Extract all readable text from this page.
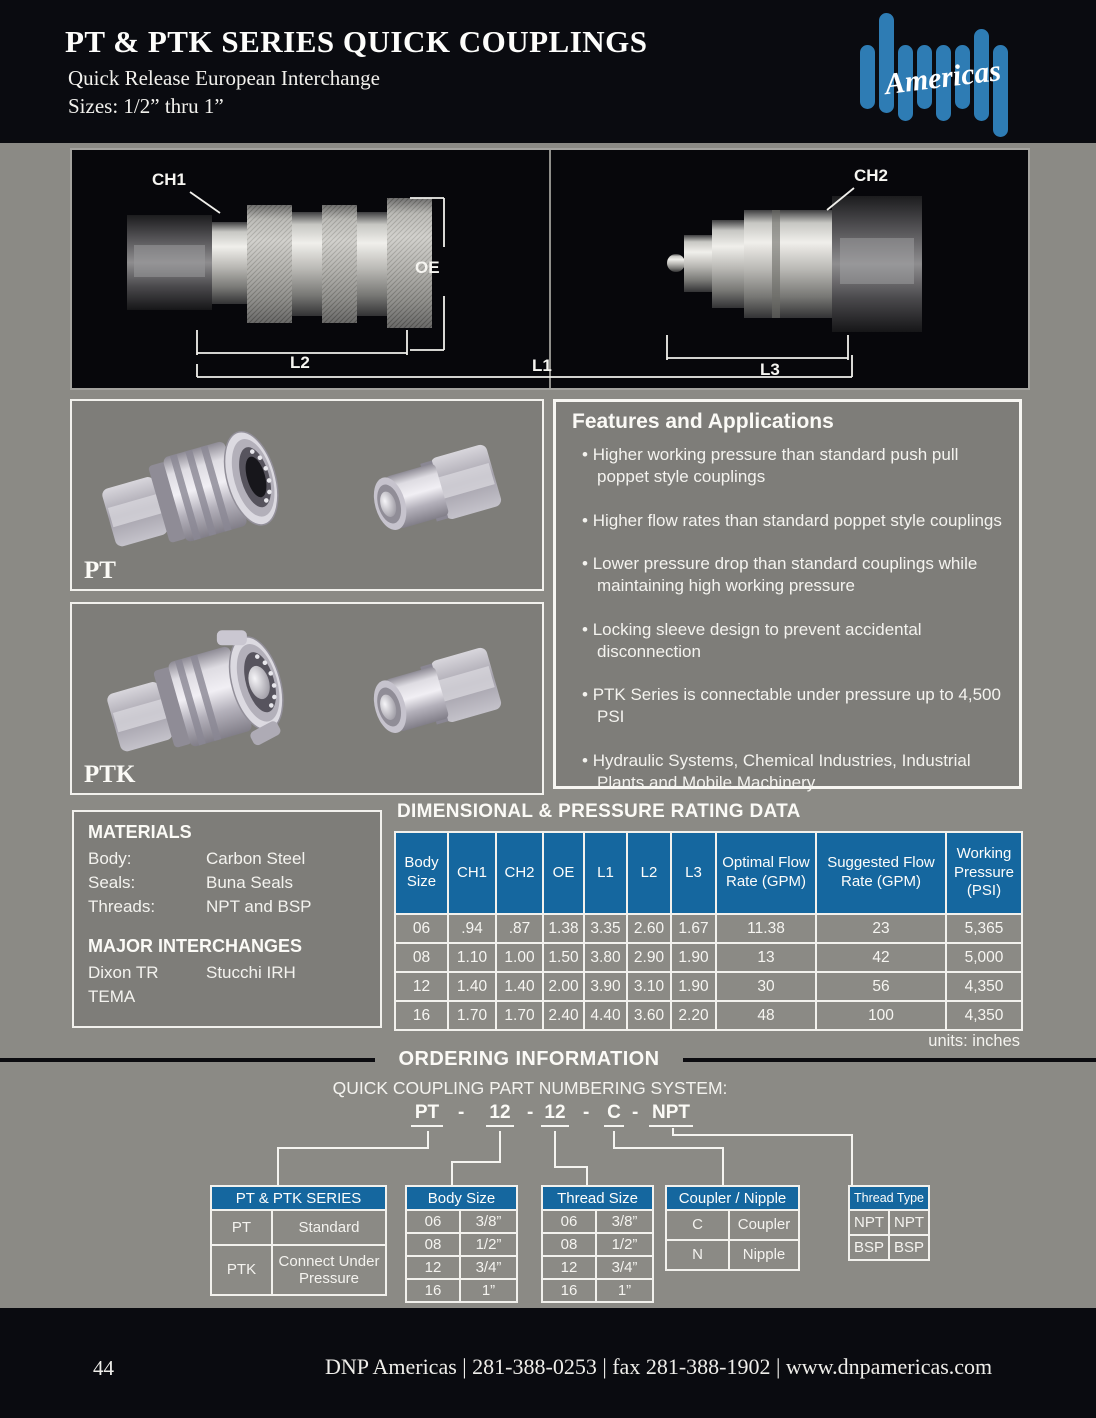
PT & PTK SERIES QUICK COUPLINGS
Quick Release European Interchange
Sizes: 1/2” thru 1”
Americas
CH1
OE
L2	L1
CH2
L3
PT
PTK
Features and Applications
• Higher working pressure than standard push pull poppet style couplings
• Higher flow rates than standard poppet style couplings
• Lower pressure drop than standard couplings while maintaining high working pressure
• Locking sleeve design to prevent accidental disconnection
• PTK Series is connectable under pressure up to 4,500 PSI
• Hydraulic Systems, Chemical Industries, Industrial Plants and Mobile Machinery
MATERIALS
Body:	Carbon Steel
Seals:	Buna Seals
Threads:	NPT and BSP
MAJOR INTERCHANGES
Dixon TR	Stucchi IRH
TEMA
DIMENSIONAL & PRESSURE RATING DATA
Body Size	CH1	CH2	OE	L1	L2	L3	Optimal Flow Rate (GPM)	Suggested Flow Rate (GPM)	Working Pressure (PSI)
06	.94	.87	1.38	3.35	2.60	1.67	11.38	23	5,365
08	1.10	1.00	1.50	3.80	2.90	1.90	13	42	5,000
12	1.40	1.40	2.00	3.90	3.10	1.90	30	56	4,350
16	1.70	1.70	2.40	4.40	3.60	2.20	48	100	4,350
units: inches
ORDERING INFORMATION
QUICK COUPLING PART NUMBERING SYSTEM:
PT - 12 - 12 - C - NPT
PT & PTK SERIES	
PT	Standard
PTK	Connect Under Pressure
Body Size	
06	3/8”
08	1/2”
12	3/4”
16	1”
Thread Size	
06	3/8”
08	1/2”
12	3/4”
16	1”
Coupler / Nipple	
C	Coupler
N	Nipple
Thread Type	
NPT	NPT
BSP	BSP
44	DNP Americas | 281-388-0253 | fax 281-388-1902 | www.dnpamericas.com
